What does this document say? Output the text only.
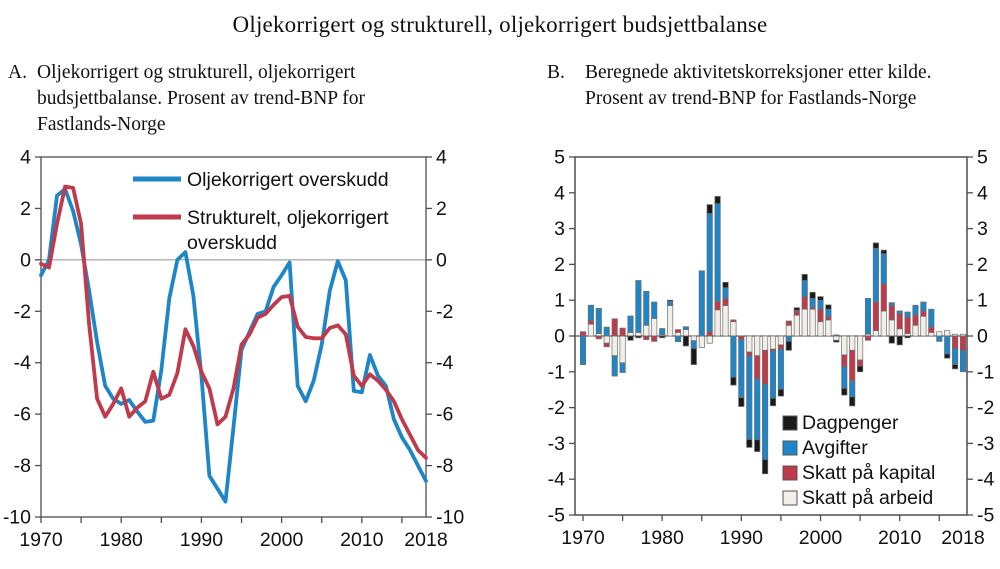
Oljekorrigert og strukturell, oljekorrigert budsjettbalanse
A. Oljekorrigert og strukturell, oljekorrigert
budsjettbalanse. Prosent av trend-BNP for
Fastlands-Norge
B. Beregnede aktivitetskorreksjoner etter kilde.
Prosent av trend-BNP for Fastlands-Norge
4	4
2	2
0	0
-2	-2
-4	-4
-6	-6
-8	-8
-10	-10
1970 1980 1990 2000 2010 2018
Oljekorrigert overskudd
Strukturelt, oljekorrigert
overskudd
5	5
4	4
3	3
2	2
1	1
0	0
-1	-1
-2	-2
-3	-3
-4	-4
-5	-5
1970 1980 1990 2000 2010 2018
Dagpenger
Avgifter
Skatt på kapital
Skatt på arbeid
